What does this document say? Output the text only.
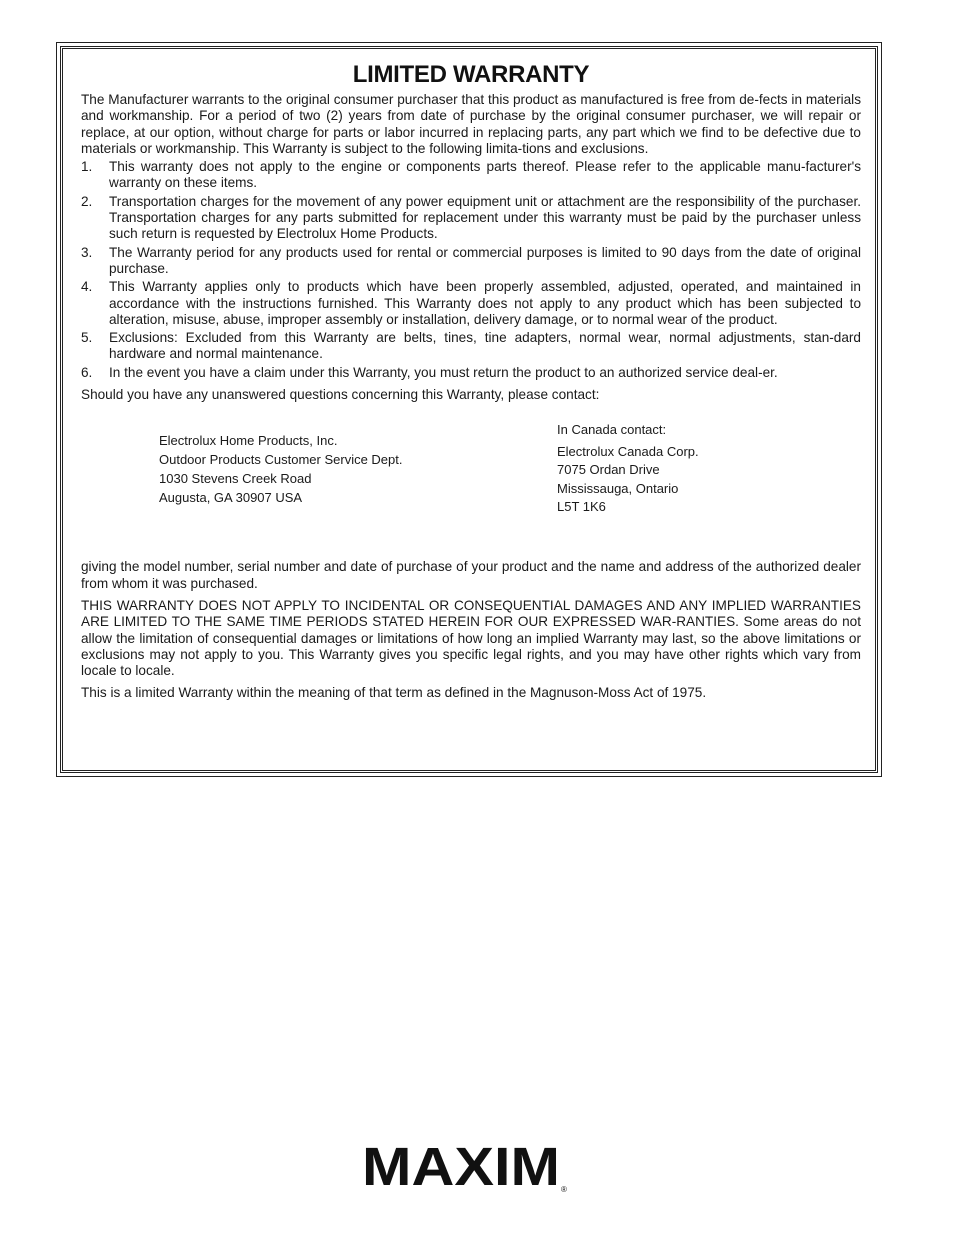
LIMITED WARRANTY

The Manufacturer warrants to the original consumer purchaser that this product as manufactured is free from de-fects in materials and workmanship. For a period of two (2) years from date of purchase by the original consumer purchaser, we will repair or replace, at our option, without charge for parts or labor incurred in replacing parts, any part which we find to be defective due to materials or workmanship. This Warranty is subject to the following limita-tions and exclusions.

1. This warranty does not apply to the engine or components parts thereof. Please refer to the applicable manu-facturer's warranty on these items.
2. Transportation charges for the movement of any power equipment unit or attachment are the responsibility of the purchaser. Transportation charges for any parts submitted for replacement under this warranty must be paid by the purchaser unless such return is requested by Electrolux Home Products.
3. The Warranty period for any products used for rental or commercial purposes is limited to 90 days from the date of original purchase.
4. This Warranty applies only to products which have been properly assembled, adjusted, operated, and maintained in accordance with the instructions furnished. This Warranty does not apply to any product which has been subjected to alteration, misuse, abuse, improper assembly or installation, delivery damage, or to normal wear of the product.
5. Exclusions: Excluded from this Warranty are belts, tines, tine adapters, normal wear, normal adjustments, stan-dard hardware and normal maintenance.
6. In the event you have a claim under this Warranty, you must return the product to an authorized service deal-er.

Should you have any unanswered questions concerning this Warranty, please contact:

Electrolux Home Products, Inc.
Outdoor Products Customer Service Dept.
1030 Stevens Creek Road
Augusta, GA 30907 USA
In Canada contact:
Electrolux Canada Corp.
7075 Ordan Drive
Mississauga, Ontario
L5T 1K6

giving the model number, serial number and date of purchase of your product and the name and address of the authorized dealer from whom it was purchased.

THIS WARRANTY DOES NOT APPLY TO INCIDENTAL OR CONSEQUENTIAL DAMAGES AND ANY IMPLIED WARRANTIES ARE LIMITED TO THE SAME TIME PERIODS STATED HEREIN FOR OUR EXPRESSED WAR-RANTIES. Some areas do not allow the limitation of consequential damages or limitations of how long an implied Warranty may last, so the above limitations or exclusions may not apply to you. This Warranty gives you specific legal rights, and you may have other rights which vary from locale to locale.

This is a limited Warranty within the meaning of that term as defined in the Magnuson-Moss Act of 1975.

MAXIM ®
